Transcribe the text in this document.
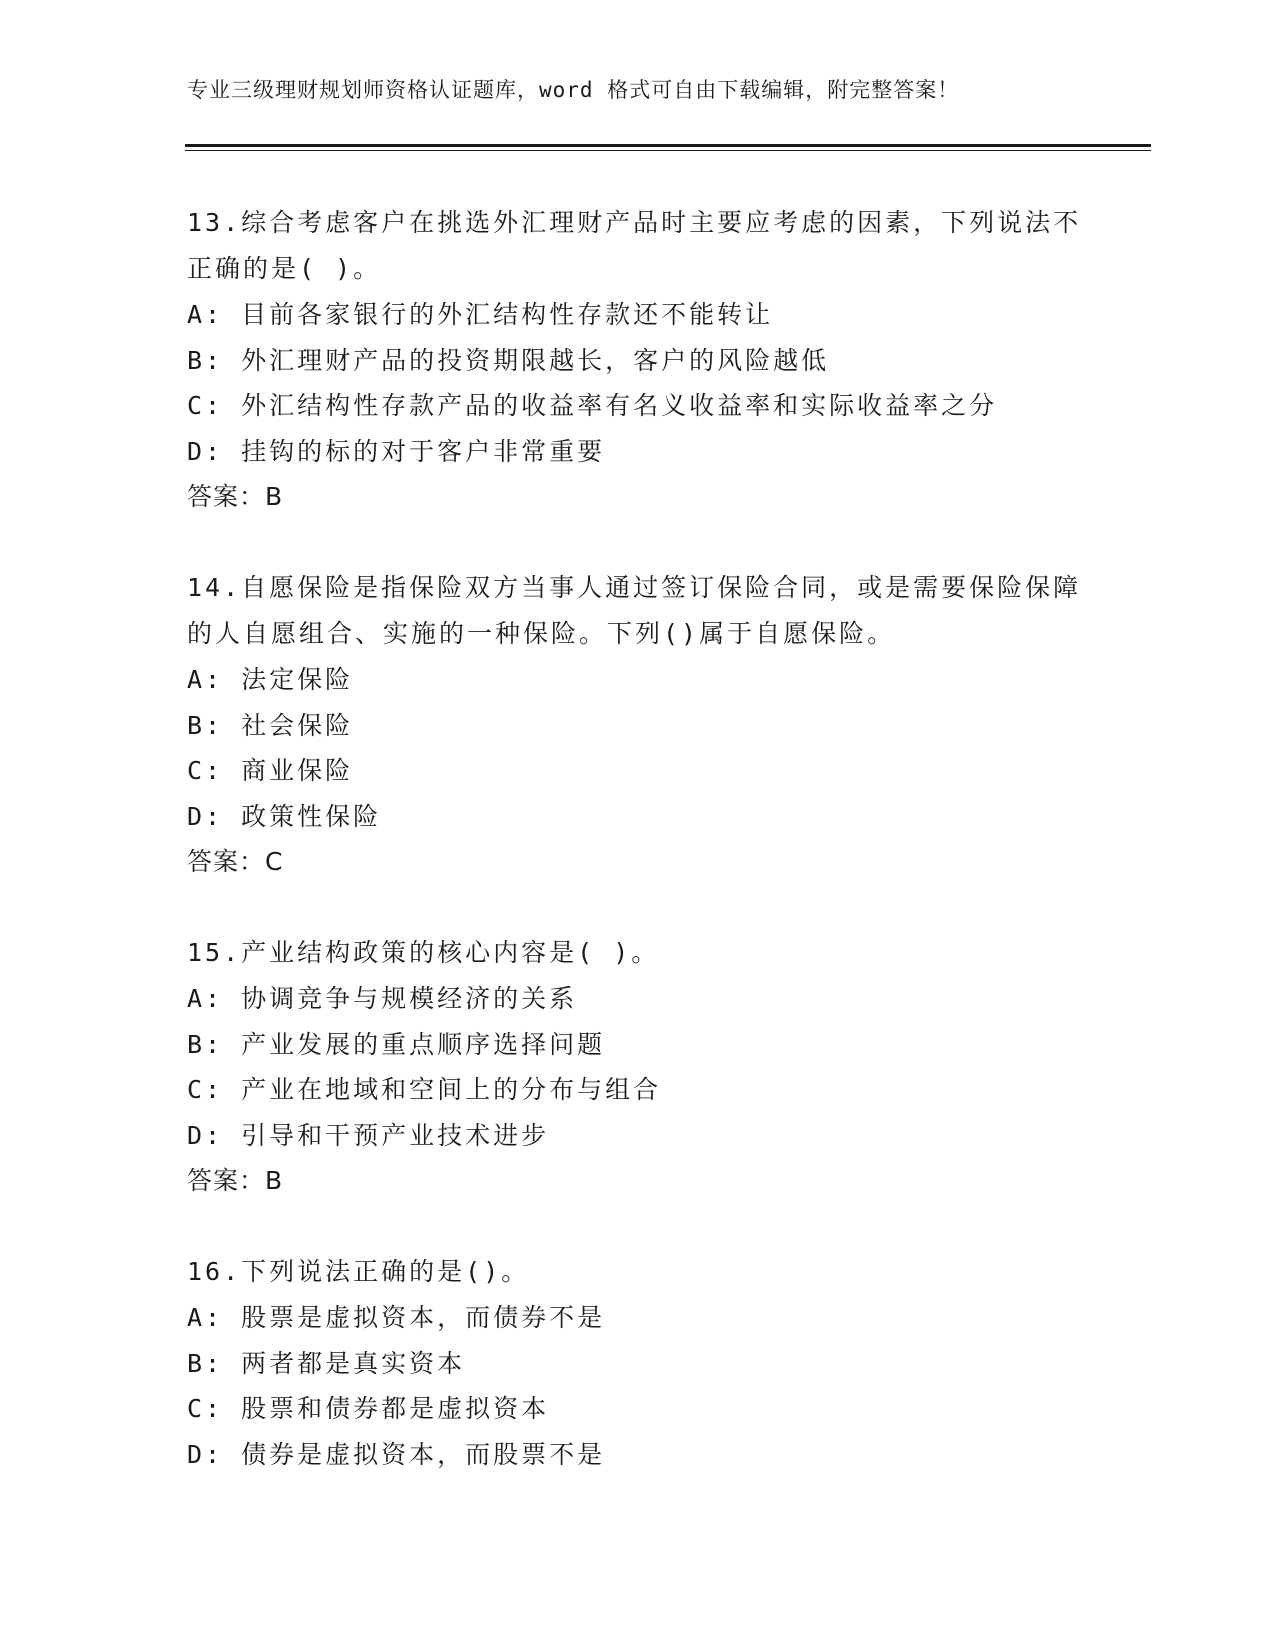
专业三级理财规划师资格认证题库，word 格式可自由下载编辑，附完整答案！

13.综合考虑客户在挑选外汇理财产品时主要应考虑的因素，下列说法不正确的是( )。

A: 目前各家银行的外汇结构性存款还不能转让
B: 外汇理财产品的投资期限越长，客户的风险越低
C: 外汇结构性存款产品的收益率有名义收益率和实际收益率之分
D: 挂钩的标的对于客户非常重要

答案：B

14.自愿保险是指保险双方当事人通过签订保险合同，或是需要保险保障的人自愿组合、实施的一种保险。下列()属于自愿保险。

A: 法定保险
B: 社会保险
C: 商业保险
D: 政策性保险

答案：C

15.产业结构政策的核心内容是( )。

A: 协调竞争与规模经济的关系
B: 产业发展的重点顺序选择问题
C: 产业在地域和空间上的分布与组合
D: 引导和干预产业技术进步

答案：B

16.下列说法正确的是()。

A: 股票是虚拟资本，而债券不是
B: 两者都是真实资本
C: 股票和债券都是虚拟资本
D: 债券是虚拟资本，而股票不是
